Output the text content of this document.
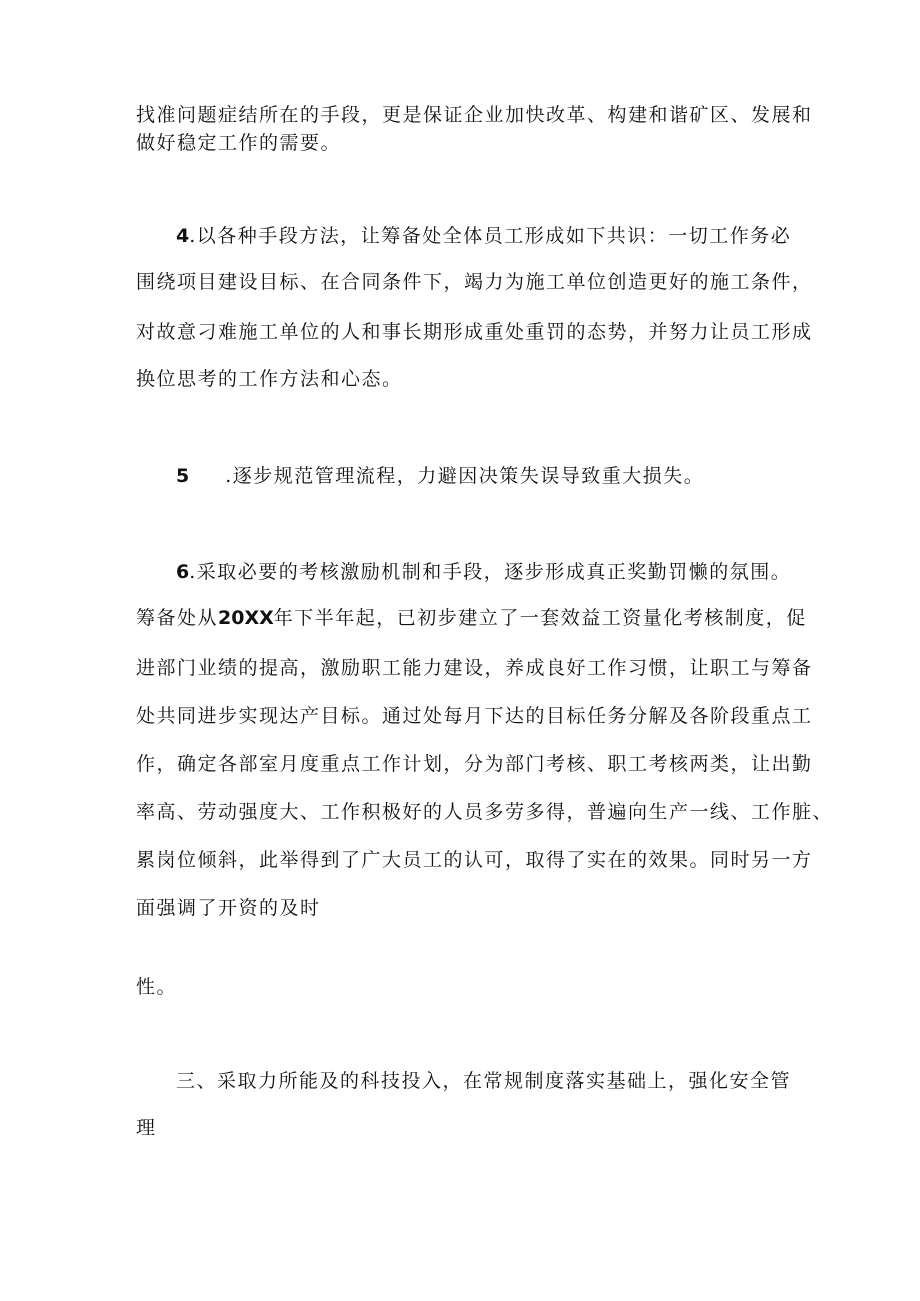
找准问题症结所在的手段，更是保证企业加快改革、构建和谐矿区、发展和
做好稳定工作的需要。
4.以各种手段方法，让筹备处全体员工形成如下共识：一切工作务必
围绕项目建设目标、在合同条件下，竭力为施工单位创造更好的施工条件，
对故意刁难施工单位的人和事长期形成重处重罚的态势，并努力让员工形成
换位思考的工作方法和心态。
5 .逐步规范管理流程，力避因决策失误导致重大损失。
6.采取必要的考核激励机制和手段，逐步形成真正奖勤罚懒的氛围。
筹备处从20XX年下半年起，已初步建立了一套效益工资量化考核制度，促
进部门业绩的提高，激励职工能力建设，养成良好工作习惯，让职工与筹备
处共同进步实现达产目标。通过处每月下达的目标任务分解及各阶段重点工
作，确定各部室月度重点工作计划，分为部门考核、职工考核两类，让出勤
率高、劳动强度大、工作积极好的人员多劳多得，普遍向生产一线、工作脏、
累岗位倾斜，此举得到了广大员工的认可，取得了实在的效果。同时另一方
面强调了开资的及时
性。
三、采取力所能及的科技投入，在常规制度落实基础上，强化安全管
理
